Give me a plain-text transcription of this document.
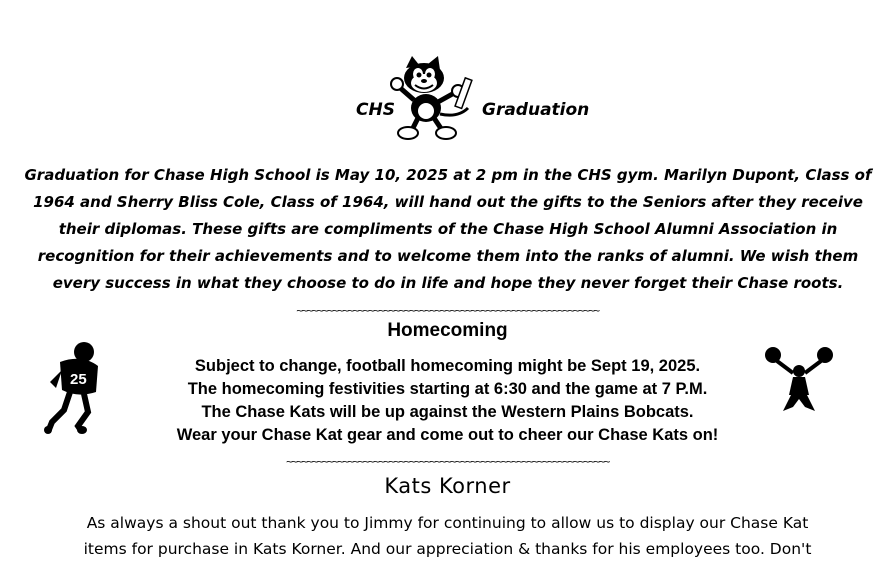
CHS	Graduation
Graduation for Chase High School is May 10, 2025 at 2 pm in the CHS gym. Marilyn Dupont, Class of
1964 and Sherry Bliss Cole, Class of 1964, will hand out the gifts to the Seniors after they receive
their diplomas. These gifts are compliments of the Chase High School Alumni Association in
recognition for their achievements and to welcome them into the ranks of alumni. We wish them
every success in what they choose to do in life and hope they never forget their Chase roots.
~~~~~~~~~~~~~~~~~~~~~~~~~~~~~~~~~~~~~~~~~~~~~~~~~~~~~~~~~~~
Homecoming
25
Subject to change, football homecoming might be Sept 19, 2025.
The homecoming festivities starting at 6:30 and the game at 7 P.M.
The Chase Kats will be up against the Western Plains Bobcats.
Wear your Chase Kat gear and come out to cheer our Chase Kats on!
~~~~~~~~~~~~~~~~~~~~~~~~~~~~~~~~~~~~~~~~~~~~~~~~~~~~~~~~~~~~~~~
Kats Korner
As always a shout out thank you to Jimmy for continuing to allow us to display our Chase Kat
items for purchase in Kats Korner. And our appreciation & thanks for his employees too. Don't
